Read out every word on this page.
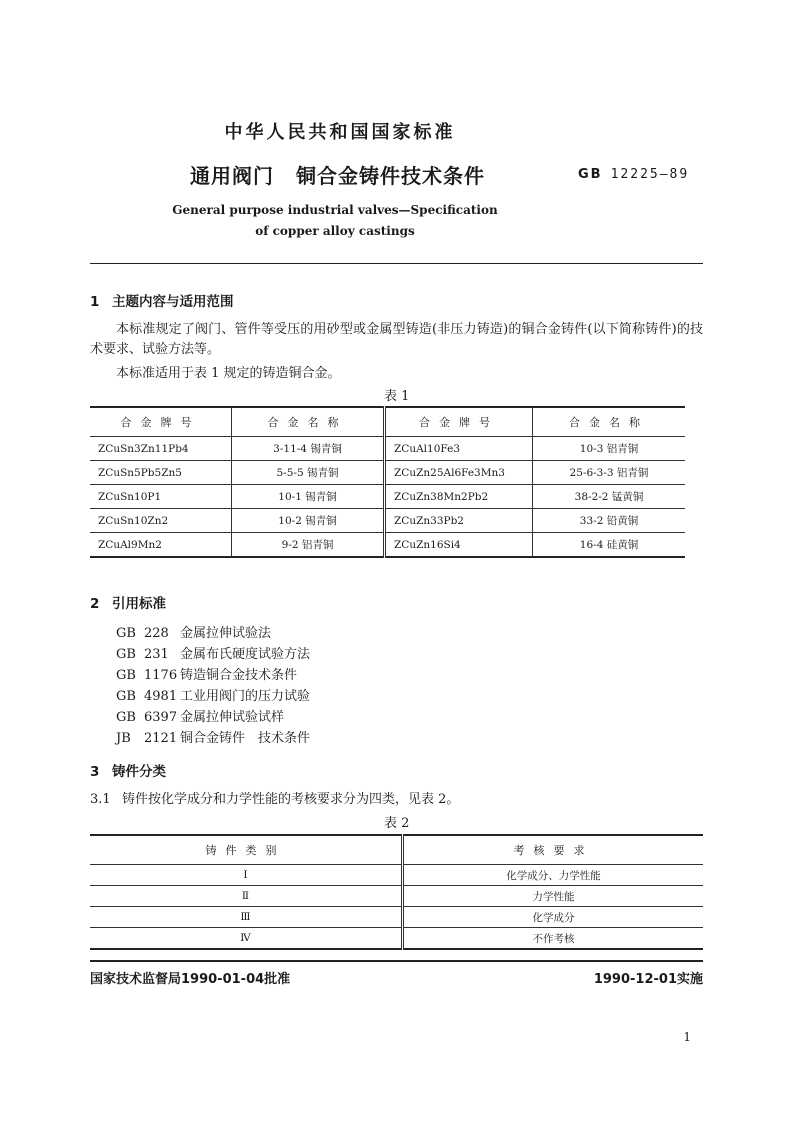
中华人民共和国国家标准
通用阀门 铜合金铸件技术条件	GB 12225—89
General purpose industrial valves—Specification
of copper alloy castings
1 主题内容与适用范围
本标准规定了阀门、管件等受压的用砂型或金属型铸造(非压力铸造)的铜合金铸件(以下简称铸件)的技术要求、试验方法等。
本标准适用于表 1 规定的铸造铜合金。
表 1
合金牌号	合金名称	合金牌号	合金名称
ZCuSn3Zn11Pb4	3-11-4 锡青铜	ZCuAl10Fe3	10-3 铝青铜
ZCuSn5Pb5Zn5	5-5-5 锡青铜	ZCuZn25Al6Fe3Mn3	25-6-3-3 铝青铜
ZCuSn10P1	10-1 锡青铜	ZCuZn38Mn2Pb2	38-2-2 锰黄铜
ZCuSn10Zn2	10-2 锡青铜	ZCuZn33Pb2	33-2 铅黄铜
ZCuAl9Mn2	9-2 铝青铜	ZCuZn16Si4	16-4 硅黄铜
2 引用标准
GB 228 金属拉伸试验法
GB 231 金属布氏硬度试验方法
GB 1176 铸造铜合金技术条件
GB 4981 工业用阀门的压力试验
GB 6397 金属拉伸试验试样
JB 2121 铜合金铸件　技术条件
3 铸件分类
3.1 铸件按化学成分和力学性能的考核要求分为四类，见表 2。
表 2
铸件类别	考核要求
Ⅰ	化学成分、力学性能
Ⅱ	力学性能
Ⅲ	化学成分
Ⅳ	不作考核
国家技术监督局1990-01-04批准	1990-12-01实施
1
